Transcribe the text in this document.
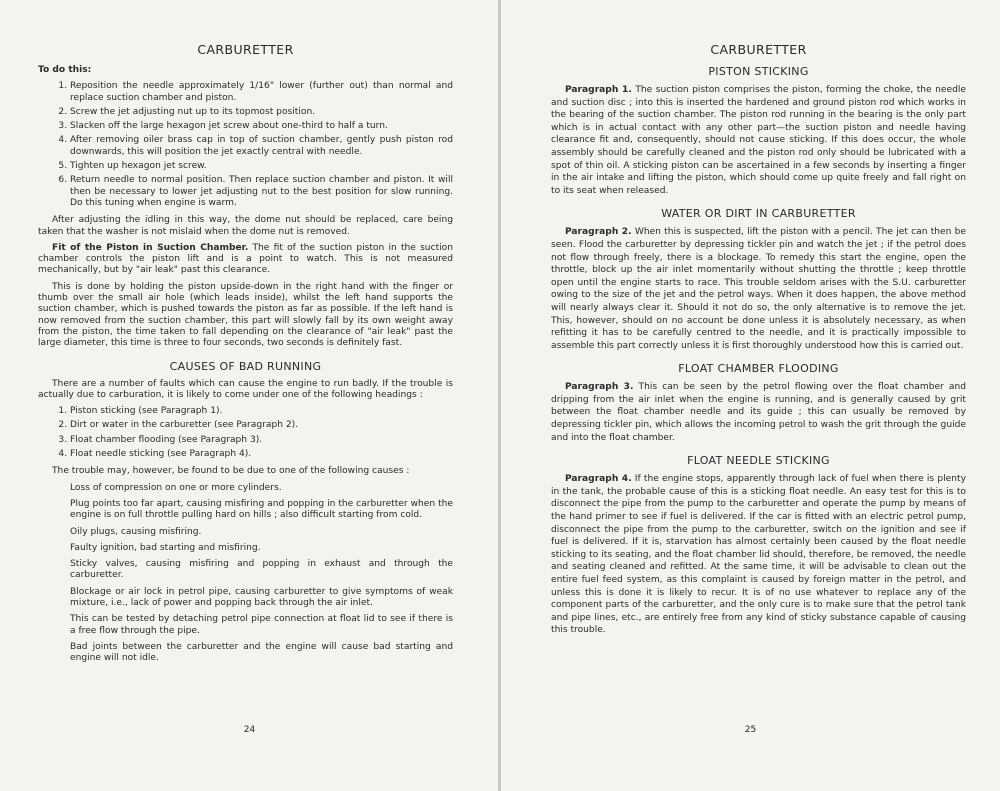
CARBURETTER

To do this:

1. Reposition the needle approximately 1/16" lower (further out) than normal and replace suction chamber and piston.
2. Screw the jet adjusting nut up to its topmost position.
3. Slacken off the large hexagon jet screw about one-third to half a turn.
4. After removing oiler brass cap in top of suction chamber, gently push piston rod downwards, this will position the jet exactly central with needle.
5. Tighten up hexagon jet screw.
6. Return needle to normal position. Then replace suction chamber and piston. It will then be necessary to lower jet adjusting nut to the best position for slow running. Do this tuning when engine is warm.

After adjusting the idling in this way, the dome nut should be replaced, care being taken that the washer is not mislaid when the dome nut is removed.

Fit of the Piston in Suction Chamber. The fit of the suction piston in the suction chamber controls the piston lift and is a point to watch. This is not measured mechanically, but by "air leak" past this clearance.

This is done by holding the piston upside-down in the right hand with the finger or thumb over the small air hole (which leads inside), whilst the left hand supports the suction chamber, which is pushed towards the piston as far as possible. If the left hand is now removed from the suction chamber, this part will slowly fall by its own weight away from the piston, the time taken to fall depending on the clearance of "air leak" past the large diameter, this time is three to four seconds, two seconds is definitely fast.

CAUSES OF BAD RUNNING

There are a number of faults which can cause the engine to run badly. If the trouble is actually due to carburation, it is likely to come under one of the following headings :

1. Piston sticking (see Paragraph 1).
2. Dirt or water in the carburetter (see Paragraph 2).
3. Float chamber flooding (see Paragraph 3).
4. Float needle sticking (see Paragraph 4).

The trouble may, however, be found to be due to one of the following causes :

Loss of compression on one or more cylinders.

Plug points too far apart, causing misfiring and popping in the carburetter when the engine is on full throttle pulling hard on hills ; also difficult starting from cold.

Oily plugs, causing misfiring.

Faulty ignition, bad starting and misfiring.

Sticky valves, causing misfiring and popping in exhaust and through the carburetter.

Blockage or air lock in petrol pipe, causing carburetter to give symptoms of weak mixture, i.e., lack of power and popping back through the air inlet.

This can be tested by detaching petrol pipe connection at float lid to see if there is a free flow through the pipe.

Bad joints between the carburetter and the engine will cause bad starting and engine will not idle.

24
CARBURETTER
PISTON STICKING

Paragraph 1. The suction piston comprises the piston, forming the choke, the needle and suction disc ; into this is inserted the hardened and ground piston rod which works in the bearing of the suction chamber. The piston rod running in the bearing is the only part which is in actual contact with any other part—the suction piston and needle having clearance fit and, consequently, should not cause sticking. If this does occur, the whole assembly should be carefully cleaned and the piston rod only should be lubricated with a spot of thin oil. A sticking piston can be ascertained in a few seconds by inserting a finger in the air intake and lifting the piston, which should come up quite freely and fall right on to its seat when released.

WATER OR DIRT IN CARBURETTER

Paragraph 2. When this is suspected, lift the piston with a pencil. The jet can then be seen. Flood the carburetter by depressing tickler pin and watch the jet ; if the petrol does not flow through freely, there is a blockage. To remedy this start the engine, open the throttle, block up the air inlet momentarily without shutting the throttle ; keep throttle open until the engine starts to race. This trouble seldom arises with the S.U. carburetter owing to the size of the jet and the petrol ways. When it does happen, the above method will nearly always clear it. Should it not do so, the only alternative is to remove the jet. This, however, should on no account be done unless it is absolutely necessary, as when refitting it has to be carefully centred to the needle, and it is practically impossible to assemble this part correctly unless it is first thoroughly understood how this is carried out.

FLOAT CHAMBER FLOODING

Paragraph 3. This can be seen by the petrol flowing over the float chamber and dripping from the air inlet when the engine is running, and is generally caused by grit between the float chamber needle and its guide ; this can usually be removed by depressing tickler pin, which allows the incoming petrol to wash the grit through the guide and into the float chamber.

FLOAT NEEDLE STICKING

Paragraph 4. If the engine stops, apparently through lack of fuel when there is plenty in the tank, the probable cause of this is a sticking float needle. An easy test for this is to disconnect the pipe from the pump to the carburetter and operate the pump by means of the hand primer to see if fuel is delivered. If the car is fitted with an electric petrol pump, disconnect the pipe from the pump to the carburetter, switch on the ignition and see if fuel is delivered. If it is, starvation has almost certainly been caused by the float needle sticking to its seating, and the float chamber lid should, therefore, be removed, the needle and seating cleaned and refitted. At the same time, it will be advisable to clean out the entire fuel feed system, as this complaint is caused by foreign matter in the petrol, and unless this is done it is likely to recur. It is of no use whatever to replace any of the component parts of the carburetter, and the only cure is to make sure that the petrol tank and pipe lines, etc., are entirely free from any kind of sticky substance capable of causing this trouble.

25
